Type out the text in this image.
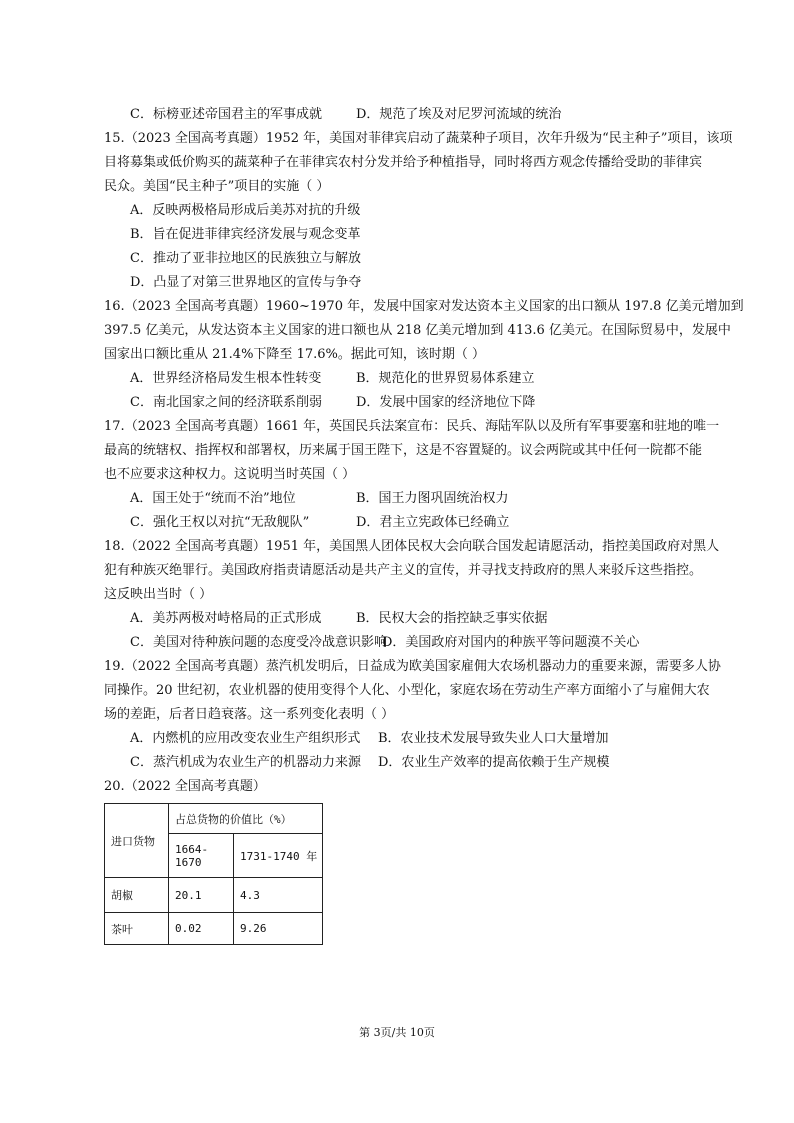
C．标榜亚述帝国君主的军事成就	D．规范了埃及对尼罗河流域的统治
15.（2023 全国高考真题）1952 年，美国对菲律宾启动了蔬菜种子项目，次年升级为“民主种子”项目，该项
目将募集或低价购买的蔬菜种子在菲律宾农村分发并给予种植指导，同时将西方观念传播给受助的菲律宾
民众。美国“民主种子”项目的实施（ ）
A．反映两极格局形成后美苏对抗的升级
B．旨在促进菲律宾经济发展与观念变革
C．推动了亚非拉地区的民族独立与解放
D．凸显了对第三世界地区的宣传与争夺
16.（2023 全国高考真题）1960~1970 年，发展中国家对发达资本主义国家的出口额从 197.8 亿美元增加到
397.5 亿美元，从发达资本主义国家的进口额也从 218 亿美元增加到 413.6 亿美元。在国际贸易中，发展中
国家出口额比重从 21.4%下降至 17.6%。据此可知，该时期（ ）
A．世界经济格局发生根本性转变	B．规范化的世界贸易体系建立
C．南北国家之间的经济联系削弱	D．发展中国家的经济地位下降
17.（2023 全国高考真题）1661 年，英国民兵法案宣布：民兵、海陆军队以及所有军事要塞和驻地的唯一
最高的统辖权、指挥权和部署权，历来属于国王陛下，这是不容置疑的。议会两院或其中任何一院都不能
也不应要求这种权力。这说明当时英国（ ）
A．国王处于“统而不治”地位	B．国王力图巩固统治权力
C．强化王权以对抗“无敌舰队”	D．君主立宪政体已经确立
18.（2022 全国高考真题）1951 年，美国黑人团体民权大会向联合国发起请愿活动，指控美国政府对黑人
犯有种族灭绝罪行。美国政府指责请愿活动是共产主义的宣传，并寻找支持政府的黑人来驳斥这些指控。
这反映出当时（ ）
A．美苏两极对峙格局的正式形成	B．民权大会的指控缺乏事实依据
C．美国对待种族问题的态度受冷战意识影响
D．美国政府对国内的种族平等问题漠不关心
19.（2022 全国高考真题）蒸汽机发明后，日益成为欧美国家雇佣大农场机器动力的重要来源，需要多人协
同操作。20 世纪初，农业机器的使用变得个人化、小型化，家庭农场在劳动生产率方面缩小了与雇佣大农
场的差距，后者日趋衰落。这一系列变化表明（ ）
A．内燃机的应用改变农业生产组织形式 B．农业技术发展导致失业人口大量增加
C．蒸汽机成为农业生产的机器动力来源 D．农业生产效率的提高依赖于生产规模
20.（2022 全国高考真题）
进口货物	占总货物的价值比（%）	
	1664-1670	1731-1740 年
胡椒	20.1	4.3
茶叶	0.02	9.26
第 3页/共 10页
